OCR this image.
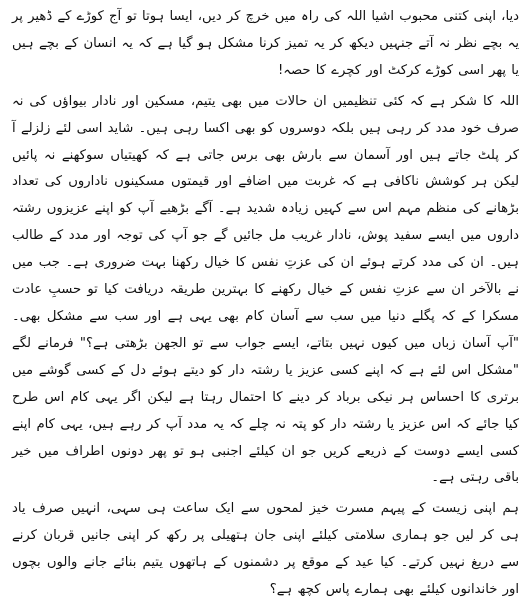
دیا، اپنی کتنی محبوب اشیا اللہ کی راہ میں خرچ کر دیں، ایسا ہوتا تو آج کوڑے کے ڈھیر پر یہ بچے نظر نہ آتے جنہیں دیکھ کر یہ تمیز کرنا مشکل ہو گیا ہے کہ یہ انسان کے بچے ہیں یا پھر اسی کوڑے کرکٹ اور کچرے کا حصہ!

اللہ کا شکر ہے کہ کئی تنظیمیں ان حالات میں بھی یتیم، مسکین اور نادار بیواؤں کی نہ صرف خود مدد کر رہی ہیں بلکہ دوسروں کو بھی اکسا رہی ہیں۔ شاید اسی لئے زلزلے آ کر پلٹ جاتے ہیں اور آسمان سے بارش بھی برس جاتی ہے کہ کھیتیاں سوکھنے نہ پائیں لیکن ہر کوشش ناکافی ہے کہ غربت میں اضافے اور قیمتوں مسکینوں ناداروں کی تعداد بڑھانے کی منظم مہم اس سے کہیں زیادہ شدید ہے۔ آگے بڑھیے آپ کو اپنے عزیزوں رشتہ داروں میں ایسے سفید پوش، نادار غریب مل جائیں گے جو آپ کی توجہ اور مدد کے طالب ہیں۔ ان کی مدد کرتے ہوئے ان کی عزتِ نفس کا خیال رکھنا بہت ضروری ہے۔ جب میں نے بالآخر ان سے عزتِ نفس کے خیال رکھنے کا بہترین طریقہ دریافت کیا تو حسبِ عادت مسکرا کے کہ پگلے دنیا میں سب سے آسان کام بھی یہی ہے اور سب سے مشکل بھی۔ "آپ آسان زباں میں کیوں نہیں بتاتے، ایسے جواب سے تو الجھن بڑھتی ہے؟" فرمانے لگے "مشکل اس لئے ہے کہ اپنے کسی عزیز یا رشتہ دار کو دیتے ہوئے دل کے کسی گوشے میں برتری کا احساس ہر نیکی برباد کر دینے کا احتمال رہتا ہے لیکن اگر یہی کام اس طرح کیا جائے کہ اس عزیز یا رشتہ دار کو پتہ نہ چلے کہ یہ مدد آپ کر رہے ہیں، یہی کام اپنے کسی ایسے دوست کے ذریعے کریں جو ان کیلئے اجنبی ہو تو پھر دونوں اطراف میں خیر باقی رہتی ہے۔

ہم اپنی زیست کے پیہم مسرت خیز لمحوں سے ایک ساعت ہی سہی، انہیں صرف یاد ہی کر لیں جو ہماری سلامتی کیلئے اپنی جان ہتھیلی پر رکھ کر اپنی جانیں قربان کرنے سے دریغ نہیں کرتے۔ کیا عید کے موقع پر دشمنوں کے ہاتھوں یتیم بنائے جانے والوں بچوں اور خاندانوں کیلئے بھی ہمارے پاس کچھ ہے؟
